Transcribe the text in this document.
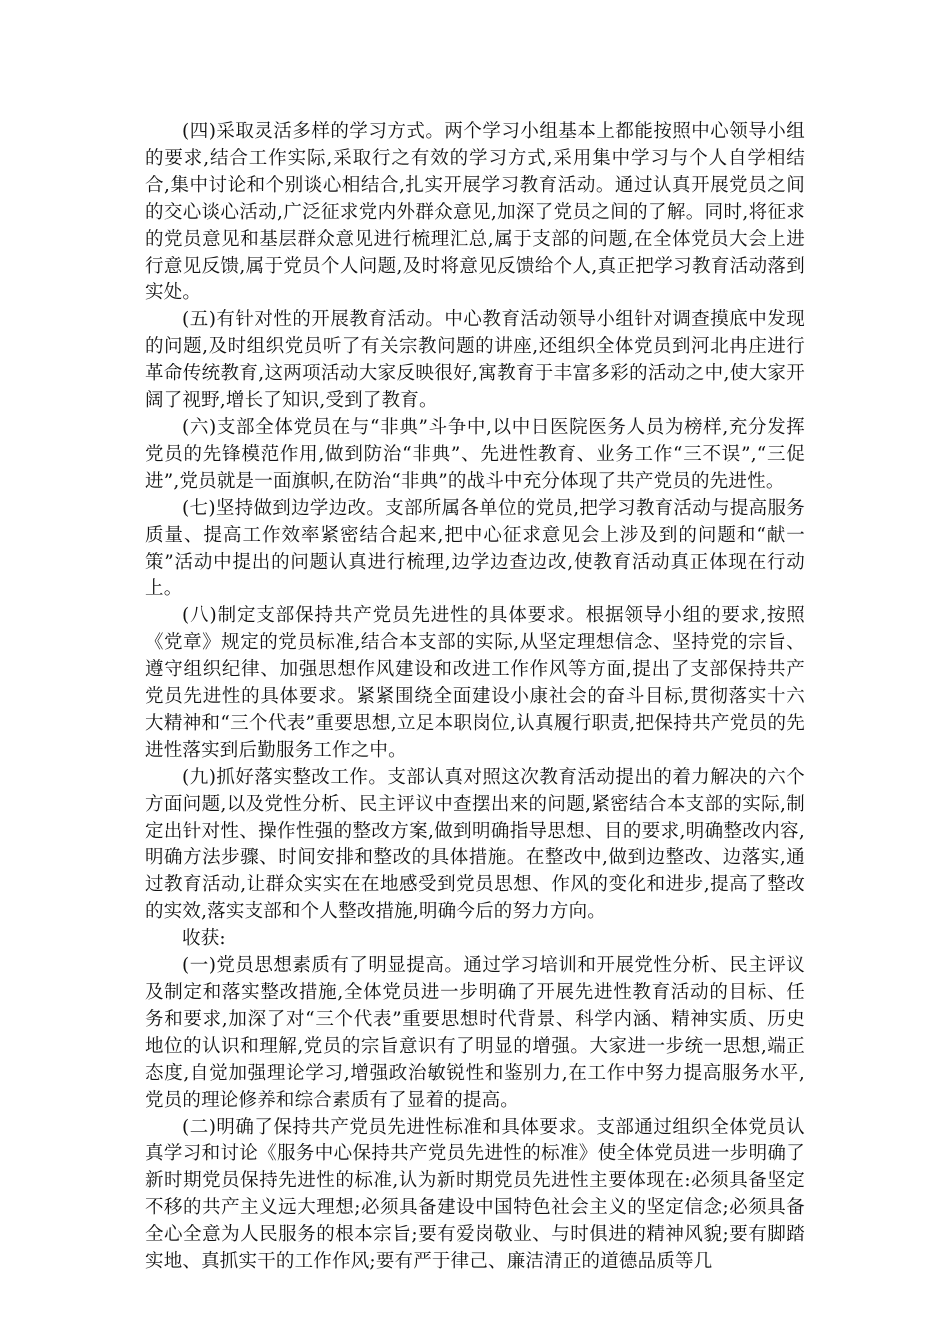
(四)采取灵活多样的学习方式。两个学习小组基本上都能按照中心领导小组的要求,结合工作实际,采取行之有效的学习方式,采用集中学习与个人自学相结合,集中讨论和个别谈心相结合,扎实开展学习教育活动。通过认真开展党员之间的交心谈心活动,广泛征求党内外群众意见,加深了党员之间的了解。同时,将征求的党员意见和基层群众意见进行梳理汇总,属于支部的问题,在全体党员大会上进行意见反馈,属于党员个人问题,及时将意见反馈给个人,真正把学习教育活动落到实处。

(五)有针对性的开展教育活动。中心教育活动领导小组针对调查摸底中发现的问题,及时组织党员听了有关宗教问题的讲座,还组织全体党员到河北冉庄进行革命传统教育,这两项活动大家反映很好,寓教育于丰富多彩的活动之中,使大家开阔了视野,增长了知识,受到了教育。

(六)支部全体党员在与“非典”斗争中,以中日医院医务人员为榜样,充分发挥党员的先锋模范作用,做到防治“非典”、先进性教育、业务工作“三不误”,“三促进”,党员就是一面旗帜,在防治“非典”的战斗中充分体现了共产党员的先进性。

(七)坚持做到边学边改。支部所属各单位的党员,把学习教育活动与提高服务质量、提高工作效率紧密结合起来,把中心征求意见会上涉及到的问题和“献一策”活动中提出的问题认真进行梳理,边学边查边改,使教育活动真正体现在行动上。

(八)制定支部保持共产党员先进性的具体要求。根据领导小组的要求,按照《党章》规定的党员标准,结合本支部的实际,从坚定理想信念、坚持党的宗旨、遵守组织纪律、加强思想作风建设和改进工作作风等方面,提出了支部保持共产党员先进性的具体要求。紧紧围绕全面建设小康社会的奋斗目标,贯彻落实十六大精神和“三个代表”重要思想,立足本职岗位,认真履行职责,把保持共产党员的先进性落实到后勤服务工作之中。

(九)抓好落实整改工作。支部认真对照这次教育活动提出的着力解决的六个方面问题,以及党性分析、民主评议中查摆出来的问题,紧密结合本支部的实际,制定出针对性、操作性强的整改方案,做到明确指导思想、目的要求,明确整改内容,明确方法步骤、时间安排和整改的具体措施。在整改中,做到边整改、边落实,通过教育活动,让群众实实在在地感受到党员思想、作风的变化和进步,提高了整改的实效,落实支部和个人整改措施,明确今后的努力方向。

收获:

(一)党员思想素质有了明显提高。通过学习培训和开展党性分析、民主评议及制定和落实整改措施,全体党员进一步明确了开展先进性教育活动的目标、任务和要求,加深了对“三个代表”重要思想时代背景、科学内涵、精神实质、历史地位的认识和理解,党员的宗旨意识有了明显的增强。大家进一步统一思想,端正态度,自觉加强理论学习,增强政治敏锐性和鉴别力,在工作中努力提高服务水平,党员的理论修养和综合素质有了显着的提高。

(二)明确了保持共产党员先进性标准和具体要求。支部通过组织全体党员认真学习和讨论《服务中心保持共产党员先进性的标准》使全体党员进一步明确了新时期党员保持先进性的标准,认为新时期党员先进性主要体现在:必须具备坚定不移的共产主义远大理想;必须具备建设中国特色社会主义的坚定信念;必须具备全心全意为人民服务的根本宗旨;要有爱岗敬业、与时俱进的精神风貌;要有脚踏实地、真抓实干的工作作风;要有严于律己、廉洁清正的道德品质等几
